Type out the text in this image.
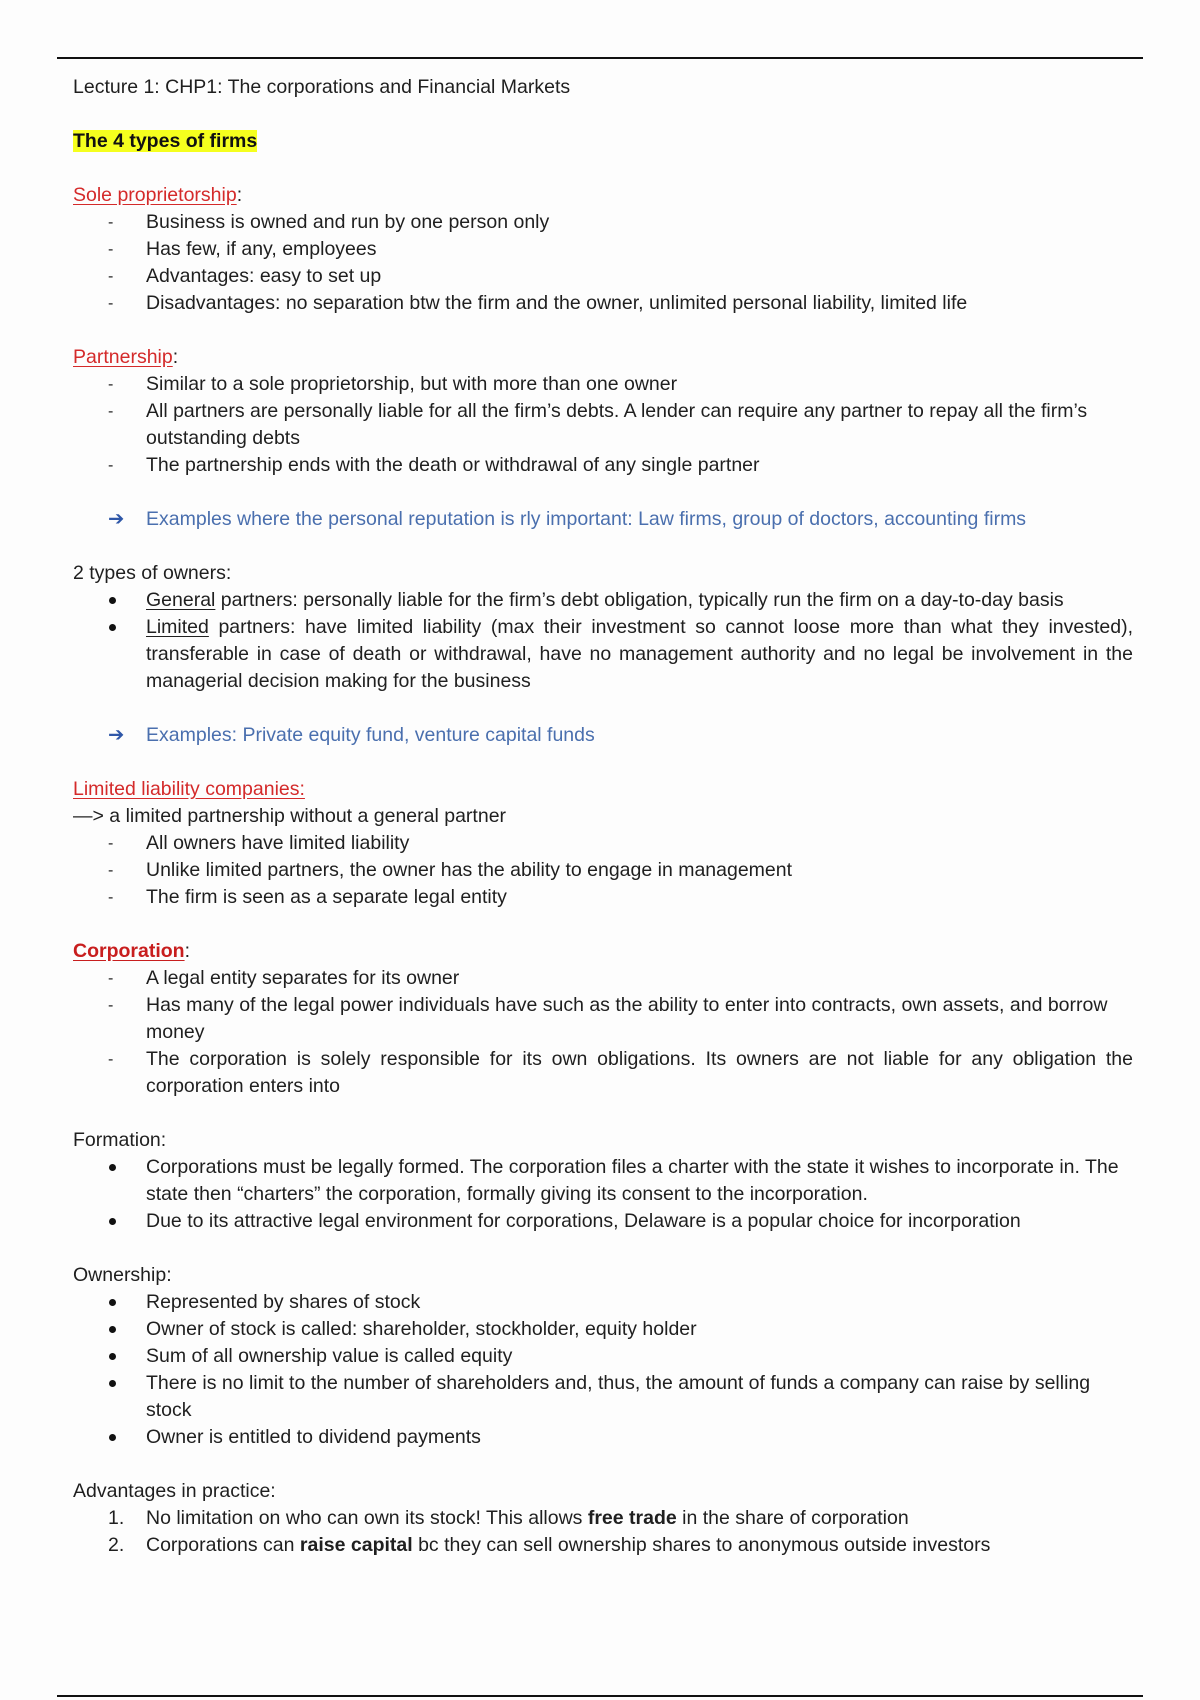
Lecture 1: CHP1: The corporations and Financial Markets

The 4 types of firms

Sole proprietorship:

-	Business is owned and run by one person only
-	Has few, if any, employees
-	Advantages: easy to set up
-	Disadvantages: no separation btw the firm and the owner, unlimited personal liability, limited life

Partnership:

-	Similar to a sole proprietorship, but with more than one owner
-	All partners are personally liable for all the firm’s debts. A lender can require any partner to repay all the firm’s outstanding debts
-	The partnership ends with the death or withdrawal of any single partner

➔ Examples where the personal reputation is rly important: Law firms, group of doctors, accounting firms

2 types of owners:

General partners: personally liable for the firm’s debt obligation, typically run the firm on a day-to-day basis
Limited partners: have limited liability (max their investment so cannot loose more than what they invested), transferable in case of death or withdrawal, have no management authority and no legal be involvement in the managerial decision making for the business

➔ Examples: Private equity fund, venture capital funds

Limited liability companies:

—> a limited partnership without a general partner

-	All owners have limited liability
-	Unlike limited partners, the owner has the ability to engage in management
-	The firm is seen as a separate legal entity

Corporation:

-	A legal entity separates for its owner
-	Has many of the legal power individuals have such as the ability to enter into contracts, own assets, and borrow money
-	The corporation is solely responsible for its own obligations. Its owners are not liable for any obligation the corporation enters into

Formation:

Corporations must be legally formed. The corporation files a charter with the state it wishes to incorporate in. The state then “charters” the corporation, formally giving its consent to the incorporation.
Due to its attractive legal environment for corporations, Delaware is a popular choice for incorporation

Ownership:

Represented by shares of stock
Owner of stock is called: shareholder, stockholder, equity holder
Sum of all ownership value is called equity
There is no limit to the number of shareholders and, thus, the amount of funds a company can raise by selling stock
Owner is entitled to dividend payments

Advantages in practice:

1. No limitation on who can own its stock! This allows free trade in the share of corporation
2. Corporations can raise capital bc they can sell ownership shares to anonymous outside investors
